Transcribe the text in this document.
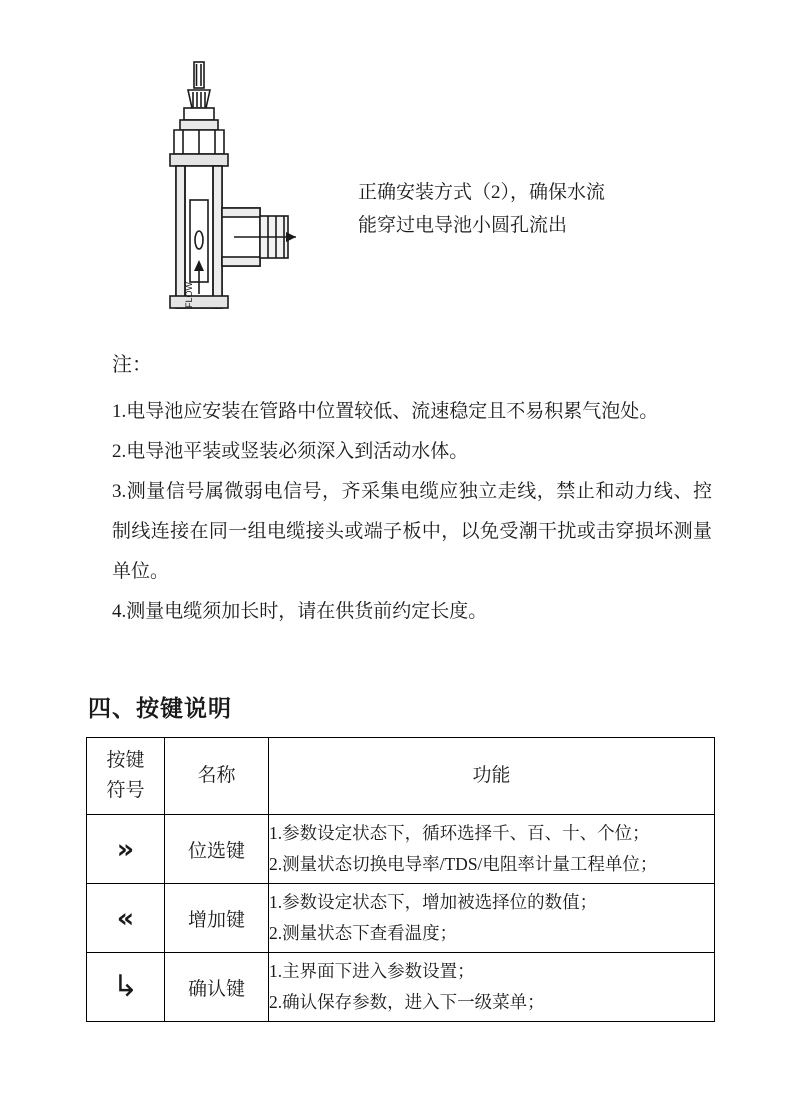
FLOW
正确安装方式（2），确保水流
能穿过电导池小圆孔流出
注：
1.电导池应安装在管路中位置较低、流速稳定且不易积累气泡处。
2.电导池平装或竖装必须深入到活动水体。
3.测量信号属微弱电信号，齐采集电缆应独立走线，禁止和动力线、控制线连接在同一组电缆接头或端子板中，以免受潮干扰或击穿损坏测量单位。
4.测量电缆须加长时，请在供货前约定长度。
四、按键说明
按键
符号	名称	功能
»	位选键	1.参数设定状态下，循环选择千、百、十、个位；
2.测量状态切换电导率/TDS/电阻率计量工程单位；

«	增加键	1.参数设定状态下，增加被选择位的数值；
2.测量状态下查看温度；

↲	确认键	1.主界面下进入参数设置；
2.确认保存参数，进入下一级菜单；
